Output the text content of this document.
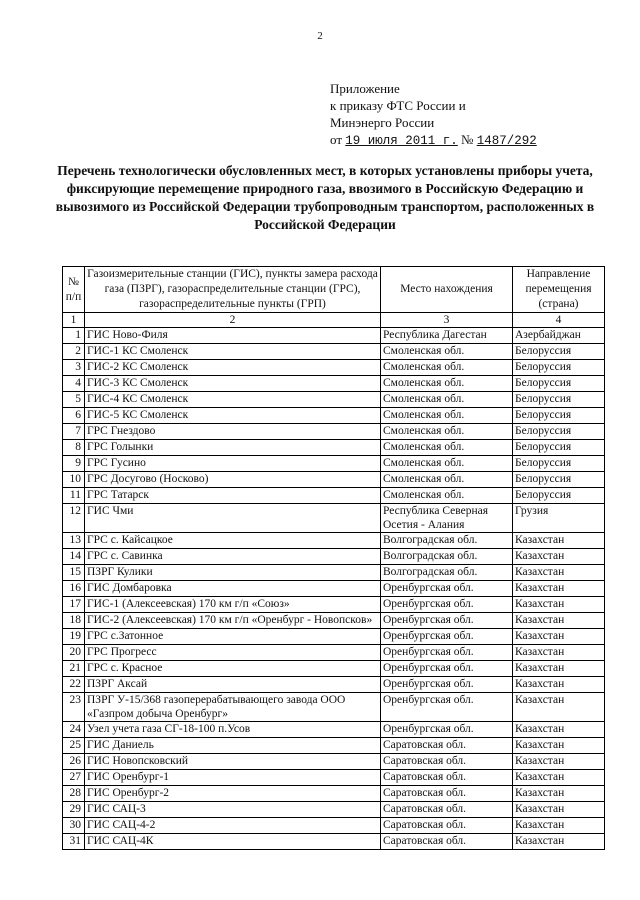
2
Приложение
к приказу ФТС России и
Минэнерго России
от 19 июля 2011 г. № 1487/292
Перечень технологически обусловленных мест, в которых установлены приборы учета, фиксирующие перемещение природного газа, ввозимого в Российскую Федерацию и вывозимого из Российской Федерации трубопроводным транспортом, расположенных в Российской Федерации
№ п/п	Газоизмерительные станции (ГИС), пункты замера расхода газа (ПЗРГ), газораспределительные станции (ГРС), газораспределительные пункты (ГРП)	Место нахождения	Направление перемещения (страна)
1	2	3	4
1	ГИС Ново-Филя	Республика Дагестан	Азербайджан
2	ГИС-1 КС Смоленск	Смоленская обл.	Белоруссия
3	ГИС-2 КС Смоленск	Смоленская обл.	Белоруссия
4	ГИС-3 КС Смоленск	Смоленская обл.	Белоруссия
5	ГИС-4 КС Смоленск	Смоленская обл.	Белоруссия
6	ГИС-5 КС Смоленск	Смоленская обл.	Белоруссия
7	ГРС Гнездово	Смоленская обл.	Белоруссия
8	ГРС Голынки	Смоленская обл.	Белоруссия
9	ГРС Гусино	Смоленская обл.	Белоруссия
10	ГРС Досугово (Носково)	Смоленская обл.	Белоруссия
11	ГРС Татарск	Смоленская обл.	Белоруссия
12	ГИС Чми	Республика Северная Осетия - Алания	Грузия
13	ГРС с. Кайсацкое	Волгоградская обл.	Казахстан
14	ГРС с. Савинка	Волгоградская обл.	Казахстан
15	ПЗРГ Кулики	Волгоградская обл.	Казахстан
16	ГИС Домбаровка	Оренбургская обл.	Казахстан
17	ГИС-1 (Алексеевская) 170 км г/п «Союз»	Оренбургская обл.	Казахстан
18	ГИС-2 (Алексеевская) 170 км г/п «Оренбург - Новопсков»	Оренбургская обл.	Казахстан
19	ГРС с.Затонное	Оренбургская обл.	Казахстан
20	ГРС Прогресс	Оренбургская обл.	Казахстан
21	ГРС с. Красное	Оренбургская обл.	Казахстан
22	ПЗРГ Аксай	Оренбургская обл.	Казахстан
23	ПЗРГ У-15/368 газоперерабатывающего завода ООО «Газпром добыча Оренбург»	Оренбургская обл.	Казахстан
24	Узел учета газа СГ-18-100 п.Усов	Оренбургская обл.	Казахстан
25	ГИС Даниель	Саратовская обл.	Казахстан
26	ГИС Новопсковский	Саратовская обл.	Казахстан
27	ГИС Оренбург-1	Саратовская обл.	Казахстан
28	ГИС Оренбург-2	Саратовская обл.	Казахстан
29	ГИС САЦ-3	Саратовская обл.	Казахстан
30	ГИС САЦ-4-2	Саратовская обл.	Казахстан
31	ГИС САЦ-4К	Саратовская обл.	Казахстан
